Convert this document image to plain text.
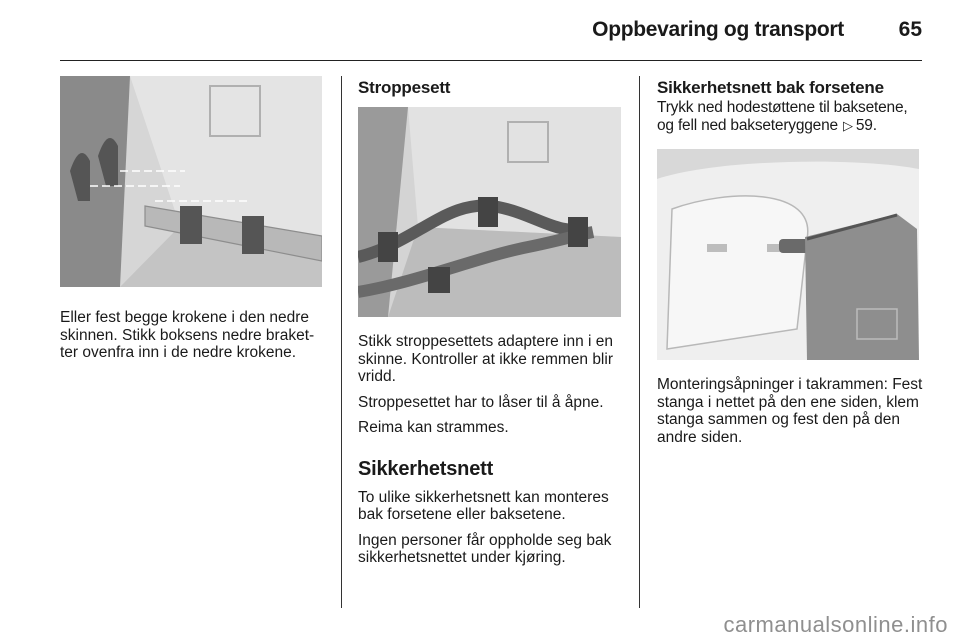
Oppbevaring og transport	65

Eller fest begge krokene i den nedre skinnen. Stikk boksens nedre braketter ovenfra inn i de nedre krokene.

Stroppesett

Stikk stroppesettets adaptere inn i en skinne. Kontroller at ikke remmen blir vridd.

Stroppesettet har to låser til å åpne.

Reima kan strammes.

Sikkerhetsnett

To ulike sikkerhetsnett kan monteres bak forsetene eller baksetene.

Ingen personer får oppholde seg bak sikkerhetsnettet under kjøring.

Sikkerhetsnett bak forsetene

Trykk ned hodestøttene til baksetene, og fell ned bakseteryggene ▷ 59.

Monteringsåpninger i takrammen: Fest stanga i nettet på den ene siden, klem stanga sammen og fest den på den andre siden.

carmanualsonline.info
